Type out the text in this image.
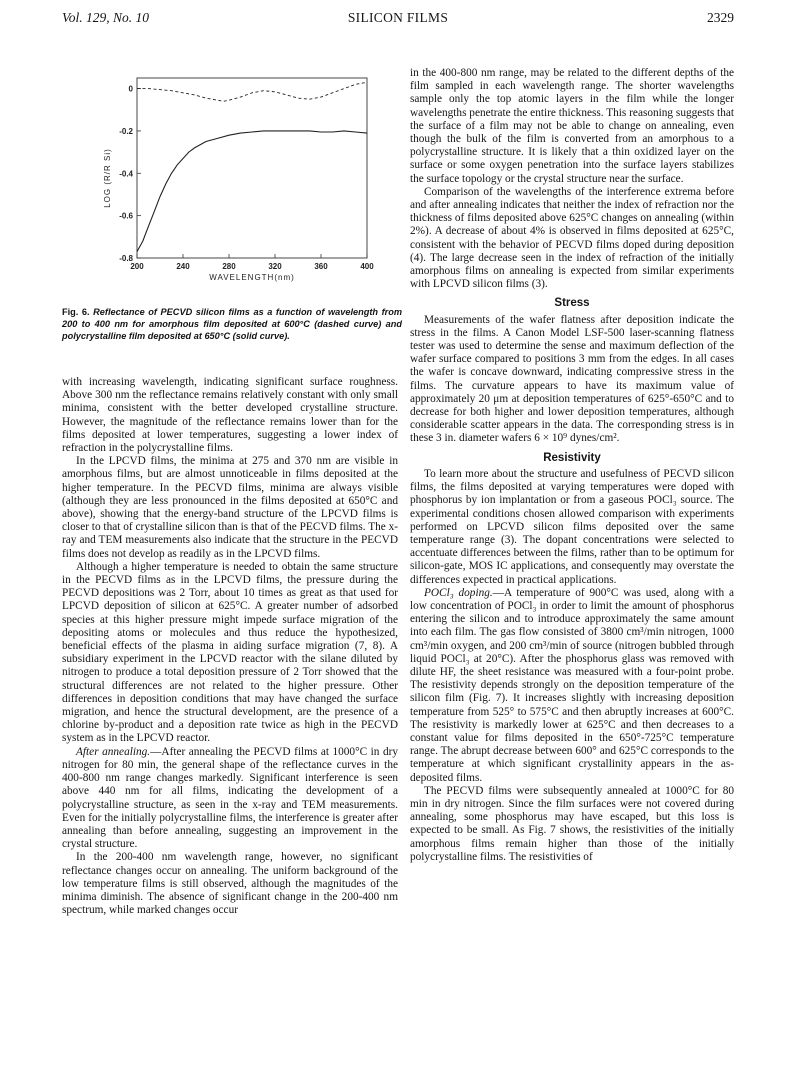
Vol. 129, No. 10	SILICON FILMS	2329
200	240	280	320	360	400
0
-0.2
-0.4
-0.6
-0.8
WAVELENGTH(nm)
LOG (R/R Si)
Fig. 6. Reflectance of PECVD silicon films as a function of wavelength from 200 to 400 nm for amorphous film deposited at 600°C (dashed curve) and polycrystalline film deposited at 650°C (solid curve).

with increasing wavelength, indicating significant surface roughness. Above 300 nm the reflectance remains relatively constant with only small minima, consistent with the better developed crystalline structure. However, the magnitude of the reflectance remains lower than for the films deposited at lower temperatures, suggesting a lower index of refraction in the polycrystalline films.

In the LPCVD films, the minima at 275 and 370 nm are visible in amorphous films, but are almost unnoticeable in films deposited at the higher temperature. In the PECVD films, minima are always visible (although they are less pronounced in the films deposited at 650°C and above), showing that the energy-band structure of the LPCVD films is closer to that of crystalline silicon than is that of the PECVD films. The x-ray and TEM measurements also indicate that the structure in the PECVD films does not develop as readily as in the LPCVD films.

Although a higher temperature is needed to obtain the same structure in the PECVD films as in the LPCVD films, the pressure during the PECVD depositions was 2 Torr, about 10 times as great as that used for LPCVD deposition of silicon at 625°C. A greater number of adsorbed species at this higher pressure might impede surface migration of the depositing atoms or molecules and thus reduce the hypothesized, beneficial effects of the plasma in aiding surface migration (7, 8). A subsidiary experiment in the LPCVD reactor with the silane diluted by nitrogen to produce a total deposition pressure of 2 Torr showed that the structural differences are not related to the higher pressure. Other differences in deposition conditions that may have changed the surface migration, and hence the structural development, are the presence of a chlorine by-product and a deposition rate twice as high in the PECVD system as in the LPCVD reactor.

After annealing.—After annealing the PECVD films at 1000°C in dry nitrogen for 80 min, the general shape of the reflectance curves in the 400-800 nm range changes markedly. Significant interference is seen above 440 nm for all films, indicating the development of a polycrystalline structure, as seen in the x-ray and TEM measurements. Even for the initially polycrystalline films, the interference is greater after annealing than before annealing, suggesting an improvement in the crystal structure.

In the 200-400 nm wavelength range, however, no significant reflectance changes occur on annealing. The uniform background of the low temperature films is still observed, although the magnitudes of the minima diminish. The absence of significant change in the 200-400 nm spectrum, while marked changes occur

in the 400-800 nm range, may be related to the different depths of the film sampled in each wavelength range. The shorter wavelengths sample only the top atomic layers in the film while the longer wavelengths penetrate the entire thickness. This reasoning suggests that the surface of a film may not be able to change on annealing, even though the bulk of the film is converted from an amorphous to a polycrystalline structure. It is likely that a thin oxidized layer on the surface or some oxygen penetration into the surface layers stabilizes the surface topology or the crystal structure near the surface.

Comparison of the wavelengths of the interference extrema before and after annealing indicates that neither the index of refraction nor the thickness of films deposited above 625°C changes on annealing (within 2%). A decrease of about 4% is observed in films deposited at 625°C, consistent with the behavior of PECVD films doped during deposition (4). The large decrease seen in the index of refraction of the initially amorphous films on annealing is expected from similar experiments with LPCVD silicon films (3).

Stress

Measurements of the wafer flatness after deposition indicate the stress in the films. A Canon Model LSF-500 laser-scanning flatness tester was used to determine the sense and maximum deflection of the wafer surface compared to positions 3 mm from the edges. In all cases the wafer is concave downward, indicating compressive stress in the films. The curvature appears to have its maximum value of approximately 20 μm at deposition temperatures of 625°-650°C and to decrease for both higher and lower deposition temperatures, although considerable scatter appears in the data. The corresponding stress is in these 3 in. diameter wafers 6 × 10⁹ dynes/cm².

Resistivity

To learn more about the structure and usefulness of PECVD silicon films, the films deposited at varying temperatures were doped with phosphorus by ion implantation or from a gaseous POCl₃ source. The experimental conditions chosen allowed comparison with experiments performed on LPCVD silicon films deposited over the same temperature range (3). The dopant concentrations were selected to accentuate differences between the films, rather than to be optimum for silicon-gate, MOS IC applications, and consequently may overstate the differences expected in practical applications.

POCl₃ doping.—A temperature of 900°C was used, along with a low concentration of POCl₃ in order to limit the amount of phosphorus entering the silicon and to introduce approximately the same amount into each film. The gas flow consisted of 3800 cm³/min nitrogen, 1000 cm³/min oxygen, and 200 cm³/min of source (nitrogen bubbled through liquid POCl₃ at 20°C). After the phosphorus glass was removed with dilute HF, the sheet resistance was measured with a four-point probe. The resistivity depends strongly on the deposition temperature of the silicon film (Fig. 7). It increases slightly with increasing deposition temperature from 525° to 575°C and then abruptly increases at 600°C. The resistivity is markedly lower at 625°C and then decreases to a constant value for films deposited in the 650°-725°C temperature range. The abrupt decrease between 600° and 625°C corresponds to the temperature at which significant crystallinity appears in the as-deposited films.

The PECVD films were subsequently annealed at 1000°C for 80 min in dry nitrogen. Since the film surfaces were not covered during annealing, some phosphorus may have escaped, but this loss is expected to be small. As Fig. 7 shows, the resistivities of the initially amorphous films remain higher than those of the initially polycrystalline films. The resistivities of
